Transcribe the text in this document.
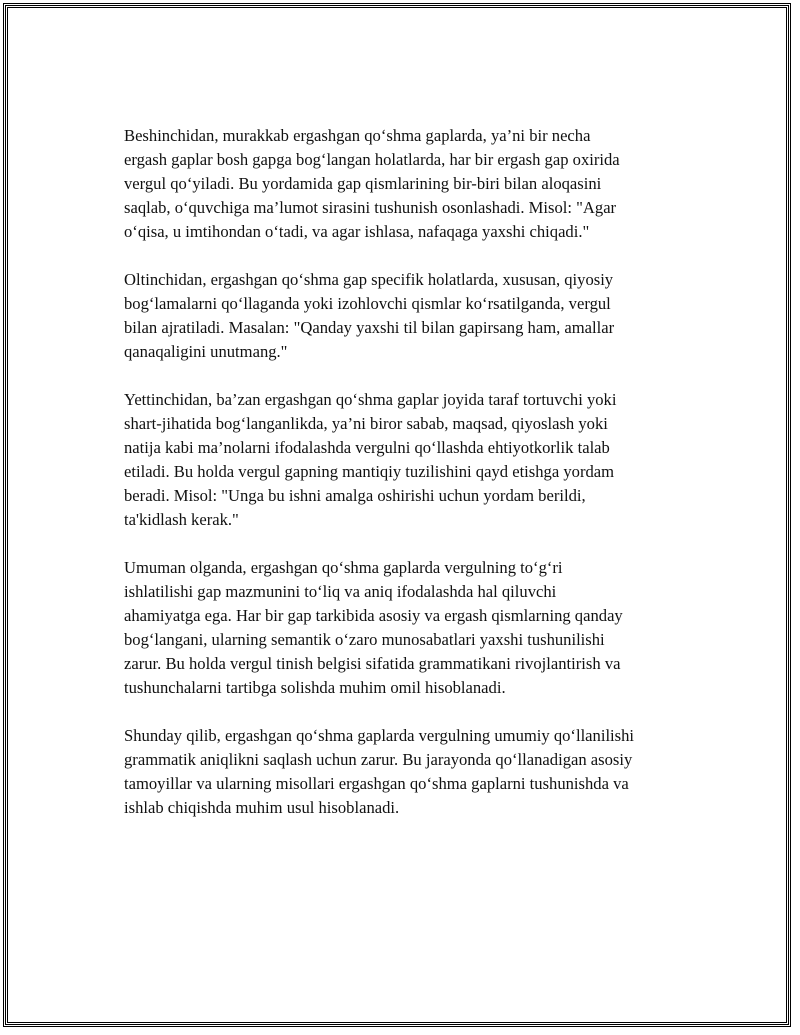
Beshinchidan, murakkab ergashgan qo‘shma gaplarda, ya’ni bir necha
ergash gaplar bosh gapga bog‘langan holatlarda, har bir ergash gap oxirida
vergul qo‘yiladi. Bu yordamida gap qismlarining bir-biri bilan aloqasini
saqlab, o‘quvchiga ma’lumot sirasini tushunish osonlashadi. Misol: "Agar
o‘qisa, u imtihondan o‘tadi, va agar ishlasa, nafaqaga yaxshi chiqadi."

Oltinchidan, ergashgan qo‘shma gap specifik holatlarda, xususan, qiyosiy
bog‘lamalarni qo‘llaganda yoki izohlovchi qismlar ko‘rsatilganda, vergul
bilan ajratiladi. Masalan: "Qanday yaxshi til bilan gapirsang ham, amallar
qanaqaligini unutmang."

Yettinchidan, ba’zan ergashgan qo‘shma gaplar joyida taraf tortuvchi yoki
shart-jihatida bog‘langanlikda, ya’ni biror sabab, maqsad, qiyoslash yoki
natija kabi ma’nolarni ifodalashda vergulni qo‘llashda ehtiyotkorlik talab
etiladi. Bu holda vergul gapning mantiqiy tuzilishini qayd etishga yordam
beradi. Misol: "Unga bu ishni amalga oshirishi uchun yordam berildi,
ta'kidlash kerak."

Umuman olganda, ergashgan qo‘shma gaplarda vergulning to‘g‘ri
ishlatilishi gap mazmunini to‘liq va aniq ifodalashda hal qiluvchi
ahamiyatga ega. Har bir gap tarkibida asosiy va ergash qismlarning qanday
bog‘langani, ularning semantik o‘zaro munosabatlari yaxshi tushunilishi
zarur. Bu holda vergul tinish belgisi sifatida grammatikani rivojlantirish va
tushunchalarni tartibga solishda muhim omil hisoblanadi.

Shunday qilib, ergashgan qo‘shma gaplarda vergulning umumiy qo‘llanilishi
grammatik aniqlikni saqlash uchun zarur. Bu jarayonda qo‘llanadigan asosiy
tamoyillar va ularning misollari ergashgan qo‘shma gaplarni tushunishda va
ishlab chiqishda muhim usul hisoblanadi.
